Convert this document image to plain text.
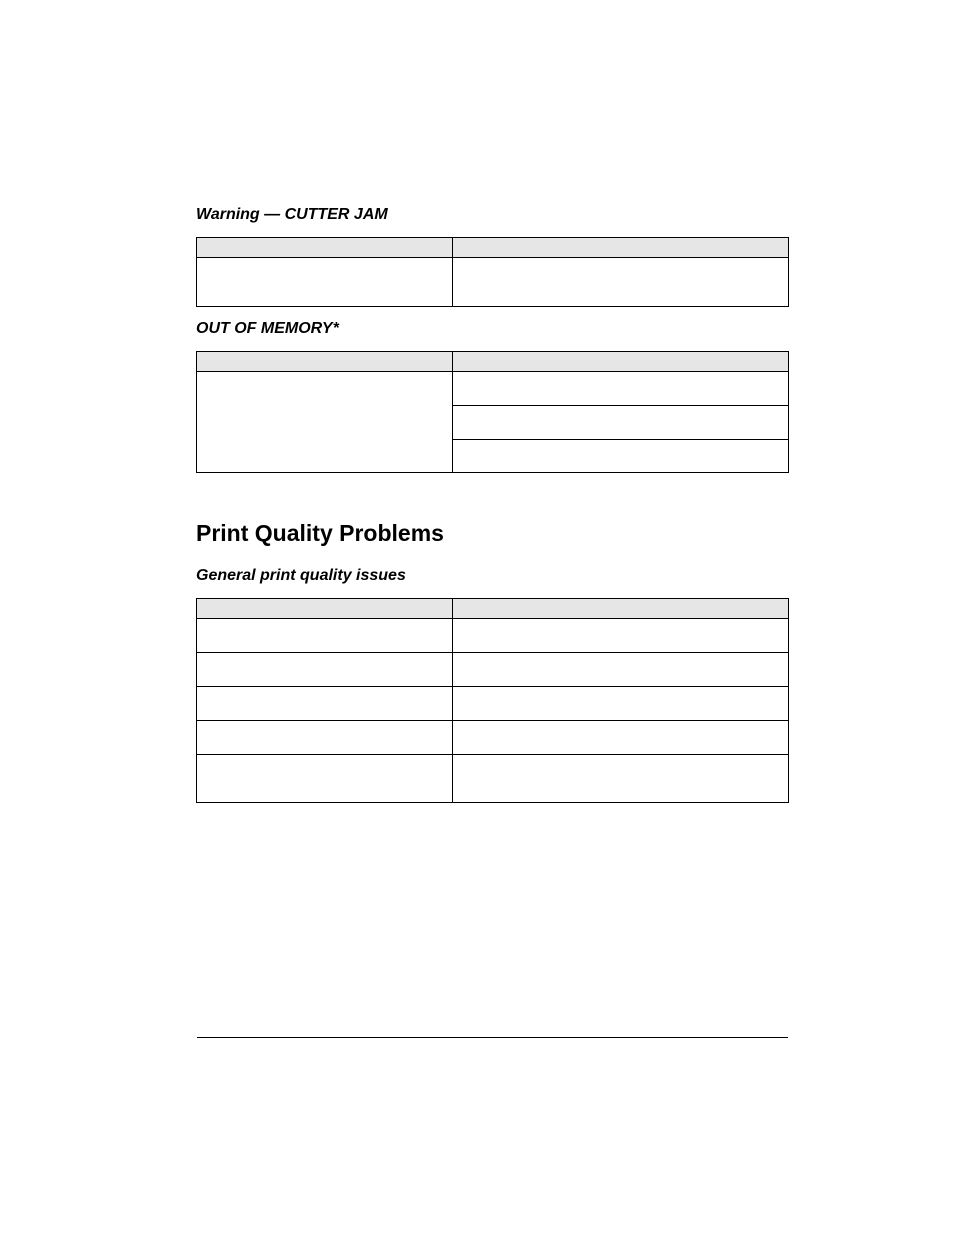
Warning — CUTTER JAM

OUT OF MEMORY*

Print Quality Problems
General print quality issues
